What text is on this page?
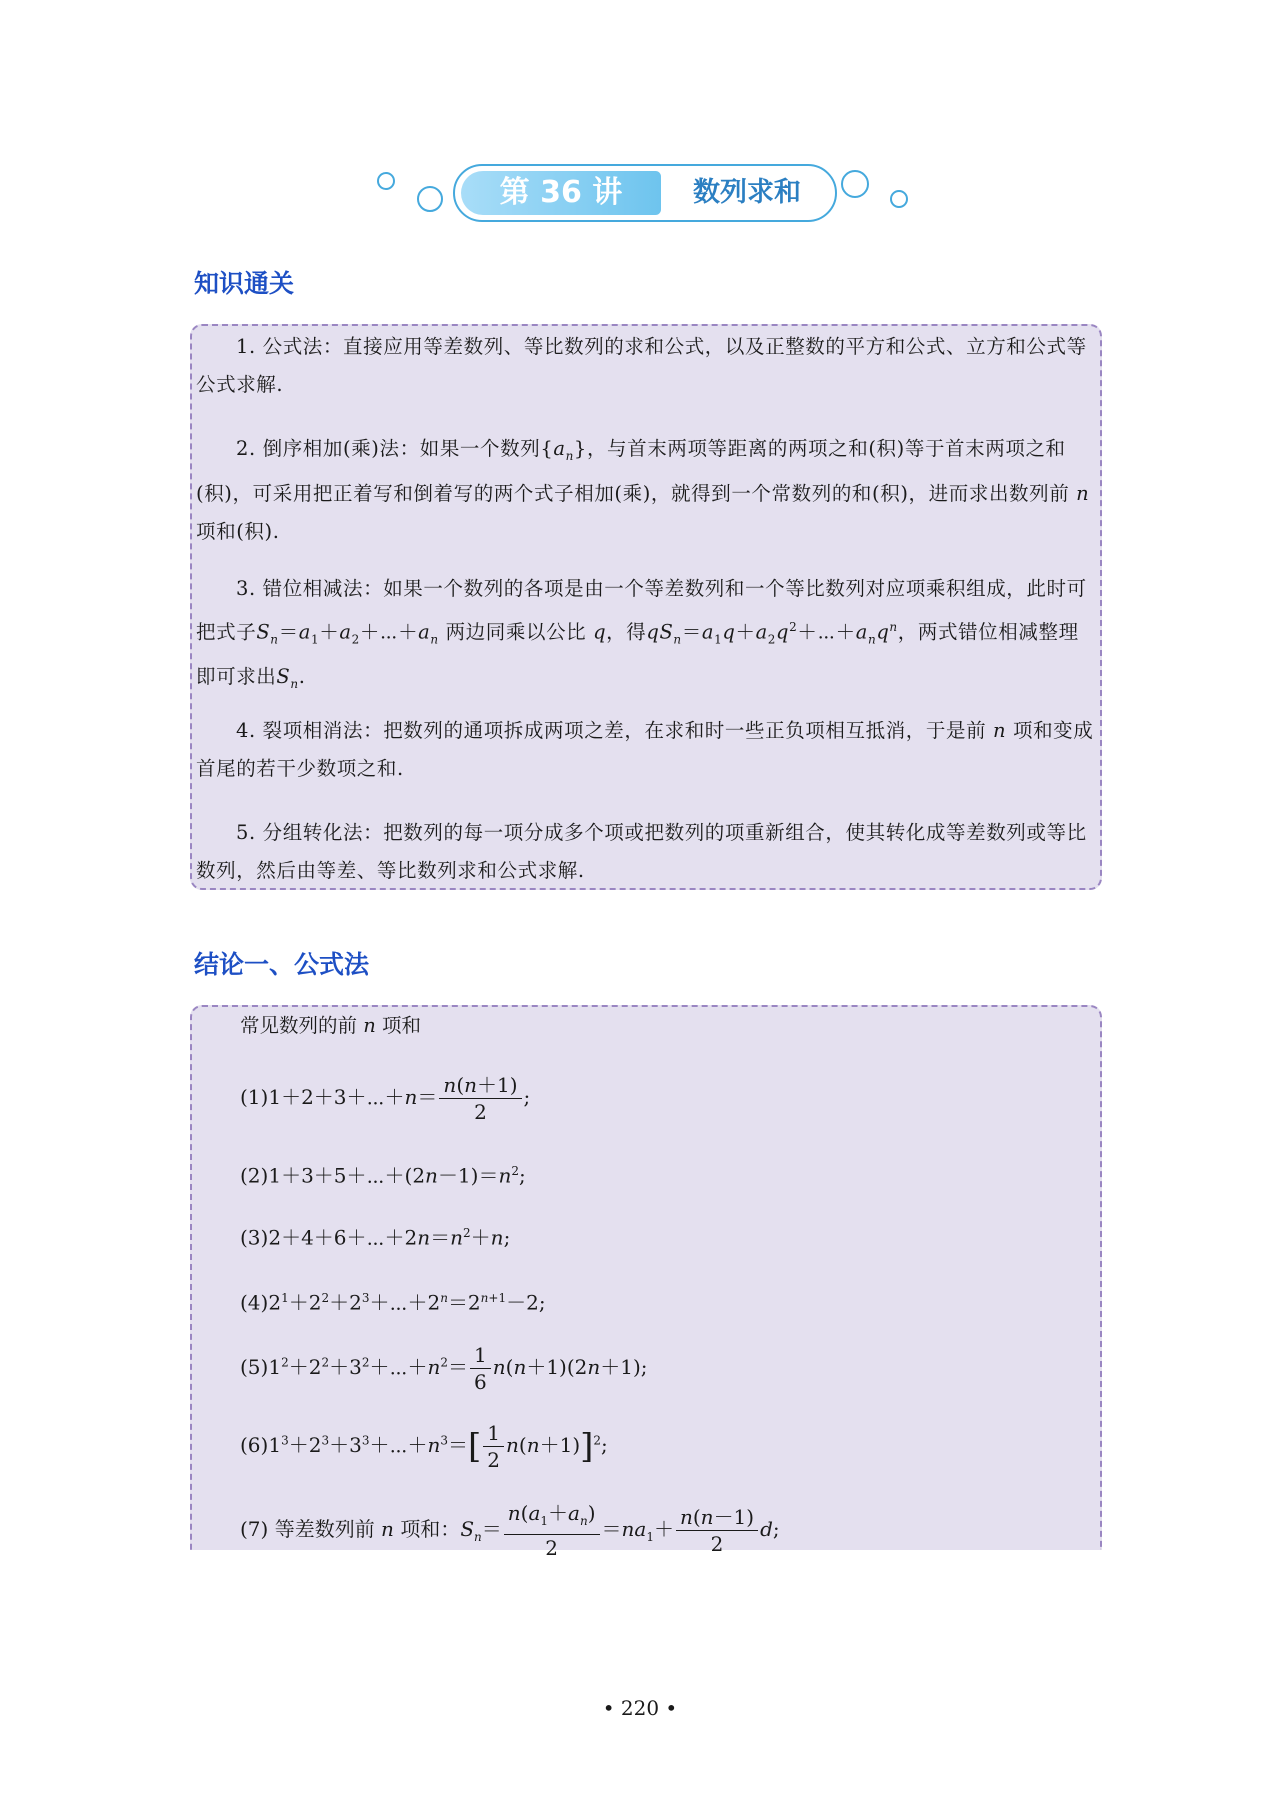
第 36 讲	数列求和
知识通关
1. 公式法：直接应用等差数列、等比数列的求和公式，以及正整数的平方和公式、立方和公式等公式求解.
2. 倒序相加(乘)法：如果一个数列$\{a_n\}$，与首末两项等距离的两项之和(积)等于首末两项之和(积)，可采用把正着写和倒着写的两个式子相加(乘)，就得到一个常数列的和(积)，进而求出数列前 n 项和(积).
3. 错位相减法：如果一个数列的各项是由一个等差数列和一个等比数列对应项乘积组成，此时可把式子$S_n=a_1+a_2+\cdots+a_n$ 两边同乘以公比 q，得$qS_n=a_1q+a_2q^2+\cdots+a_nq^n$，两式错位相减整理即可求出$S_n$.
4. 裂项相消法：把数列的通项拆成两项之差，在求和时一些正负项相互抵消，于是前 n 项和变成首尾的若干少数项之和.
5. 分组转化法：把数列的每一项分成多个项或把数列的项重新组合，使其转化成等差数列或等比数列，然后由等差、等比数列求和公式求解.
结论一、公式法
常见数列的前 n 项和
(1)1＋2＋3＋⋯＋n＝ $\frac{n(n+1)}{2}$ ;
$(2)1+3+5+\cdots+(2n-1)=n^2$;
$(3)2+4+6+\cdots+2n=n^2+n$;
$(4)2^1+2^2+2^3+\cdots+2^n=2^{n+1}-2$;
$(5)1^2+2^2+3^2+\cdots+n^2= \frac{1}{6} n(n+1)(2n+1)$;
$(6)1^3+2^3+3^3+\cdots+n^3=[ \frac{1}{2} n(n+1)]^2$;
(7) 等差数列前 n 项和：$S_n= \frac{n(a_1+a_n)}{2} =na_1+ \frac{n(n-1)}{2} d$;
• 220 •
